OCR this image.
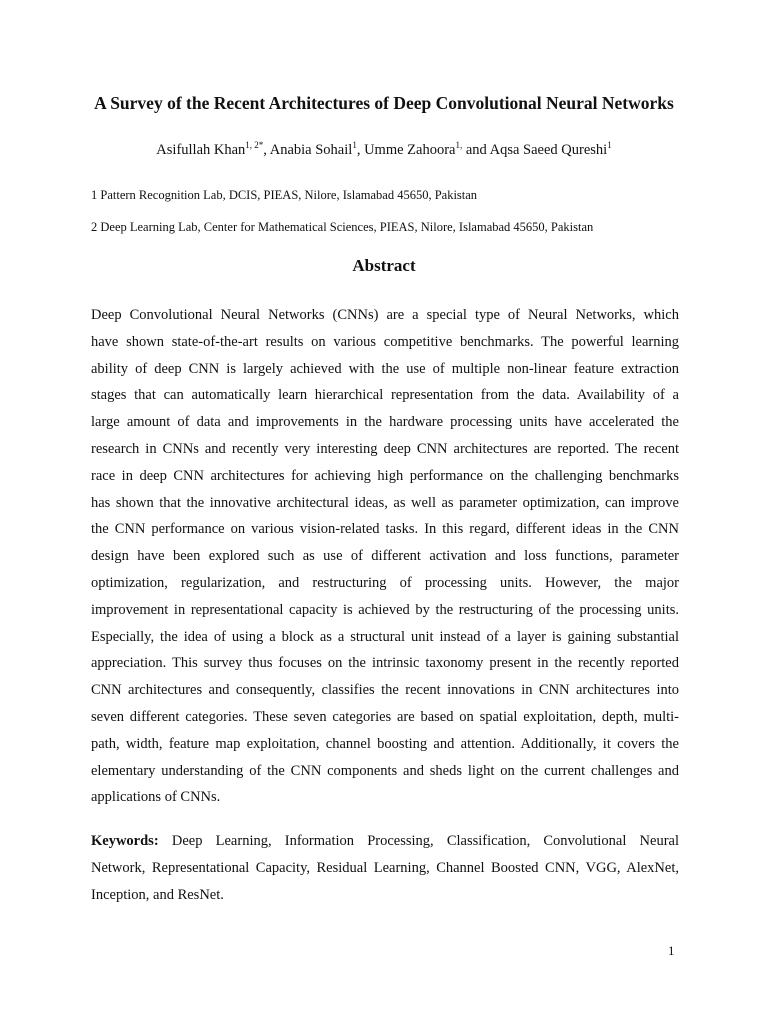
A Survey of the Recent Architectures of Deep Convolutional Neural Networks
Asifullah Khan$^{1, 2*}$, Anabia Sohail$^1$, Umme Zahoora$^{1,}$ and Aqsa Saeed Qureshi$^1$
1 Pattern Recognition Lab, DCIS, PIEAS, Nilore, Islamabad 45650, Pakistan
2 Deep Learning Lab, Center for Mathematical Sciences, PIEAS, Nilore, Islamabad 45650, Pakistan
Abstract
Deep Convolutional Neural Networks (CNNs) are a special type of Neural Networks, which
have shown state-of-the-art results on various competitive benchmarks. The powerful learning
ability of deep CNN is largely achieved with the use of multiple non-linear feature extraction
stages that can automatically learn hierarchical representation from the data. Availability of a
large amount of data and improvements in the hardware processing units have accelerated the
research in CNNs and recently very interesting deep CNN architectures are reported. The recent
race in deep CNN architectures for achieving high performance on the challenging benchmarks
has shown that the innovative architectural ideas, as well as parameter optimization, can improve
the CNN performance on various vision-related tasks. In this regard, different ideas in the CNN
design have been explored such as use of different activation and loss functions, parameter
optimization, regularization, and restructuring of processing units. However, the major
improvement in representational capacity is achieved by the restructuring of the processing units.
Especially, the idea of using a block as a structural unit instead of a layer is gaining substantial
appreciation. This survey thus focuses on the intrinsic taxonomy present in the recently reported
CNN architectures and consequently, classifies the recent innovations in CNN architectures into
seven different categories. These seven categories are based on spatial exploitation, depth, multi-
path, width, feature map exploitation, channel boosting and attention. Additionally, it covers the
elementary understanding of the CNN components and sheds light on the current challenges and
applications of CNNs.
Keywords: Deep Learning, Information Processing, Classification, Convolutional Neural
Network, Representational Capacity, Residual Learning, Channel Boosted CNN, VGG, AlexNet,
Inception, and ResNet.
1
